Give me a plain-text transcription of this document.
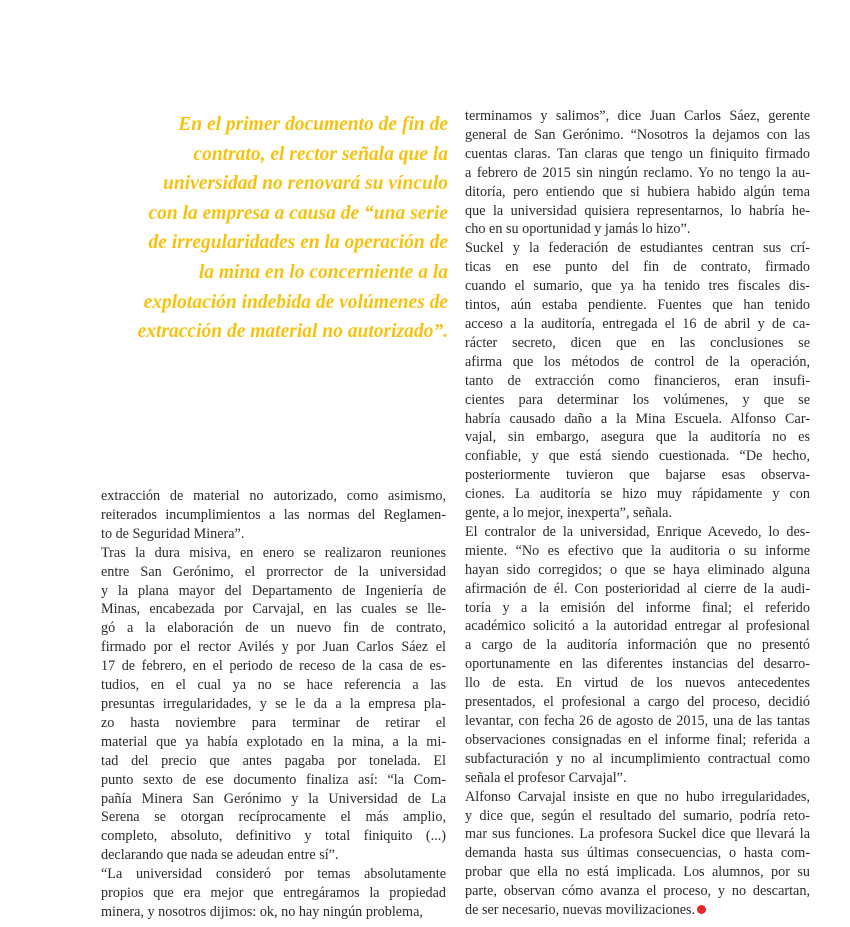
En el primer documento de fin de
contrato, el rector señala que la
universidad no renovará su vínculo
con la empresa a causa de “una serie
de irregularidades en la operación de
la mina en lo concerniente a la
explotación indebida de volúmenes de
extracción de material no autorizado”.
extracción de material no autorizado, como asimismo,
reiterados incumplimientos a las normas del Reglamen-
to de Seguridad Minera”.
Tras la dura misiva, en enero se realizaron reuniones
entre San Gerónimo, el prorrector de la universidad
y la plana mayor del Departamento de Ingeniería de
Minas, encabezada por Carvajal, en las cuales se lle-
gó a la elaboración de un nuevo fin de contrato,
firmado por el rector Avilés y por Juan Carlos Sáez el
17 de febrero, en el periodo de receso de la casa de es-
tudios, en el cual ya no se hace referencia a las
presuntas irregularidades, y se le da a la empresa pla-
zo hasta noviembre para terminar de retirar el
material que ya había explotado en la mina, a la mi-
tad del precio que antes pagaba por tonelada. El
punto sexto de ese documento finaliza así: “la Com-
pañía Minera San Gerónimo y la Universidad de La
Serena se otorgan recíprocamente el más amplio,
completo, absoluto, definitivo y total finiquito (...)
declarando que nada se adeudan entre sí”.
“La universidad consideró por temas absolutamente
propios que era mejor que entregáramos la propiedad
minera, y nosotros dijimos: ok, no hay ningún problema,
terminamos y salimos”, dice Juan Carlos Sáez, gerente
general de San Gerónimo. “Nosotros la dejamos con las
cuentas claras. Tan claras que tengo un finiquito firmado
a febrero de 2015 sin ningún reclamo. Yo no tengo la au-
ditoría, pero entiendo que si hubiera habido algún tema
que la universidad quisiera representarnos, lo habría he-
cho en su oportunidad y jamás lo hizo”.
Suckel y la federación de estudiantes centran sus crí-
ticas en ese punto del fin de contrato, firmado
cuando el sumario, que ya ha tenido tres fiscales dis-
tintos, aún estaba pendiente. Fuentes que han tenido
acceso a la auditoría, entregada el 16 de abril y de ca-
rácter secreto, dicen que en las conclusiones se
afirma que los métodos de control de la operación,
tanto de extracción como financieros, eran insufi-
cientes para determinar los volúmenes, y que se
habría causado daño a la Mina Escuela. Alfonso Car-
vajal, sin embargo, asegura que la auditoría no es
confiable, y que está siendo cuestionada. “De hecho,
posteriormente tuvieron que bajarse esas observa-
ciones. La auditoría se hizo muy rápidamente y con
gente, a lo mejor, inexperta”, señala.
El contralor de la universidad, Enrique Acevedo, lo des-
miente. “No es efectivo que la auditoria o su informe
hayan sido corregidos; o que se haya eliminado alguna
afirmación de él. Con posterioridad al cierre de la audi-
toría y a la emisión del informe final; el referido
académico solicitó a la autoridad entregar al profesional
a cargo de la auditoría información que no presentó
oportunamente en las diferentes instancias del desarro-
llo de esta. En virtud de los nuevos antecedentes
presentados, el profesional a cargo del proceso, decidió
levantar, con fecha 26 de agosto de 2015, una de las tantas
observaciones consignadas en el informe final; referida a
subfacturación y no al incumplimiento contractual como
señala el profesor Carvajal”.
Alfonso Carvajal insiste en que no hubo irregularidades,
y dice que, según el resultado del sumario, podría reto-
mar sus funciones. La profesora Suckel dice que llevará la
demanda hasta sus últimas consecuencias, o hasta com-
probar que ella no está implicada. Los alumnos, por su
parte, observan cómo avanza el proceso, y no descartan,
de ser necesario, nuevas movilizaciones.
